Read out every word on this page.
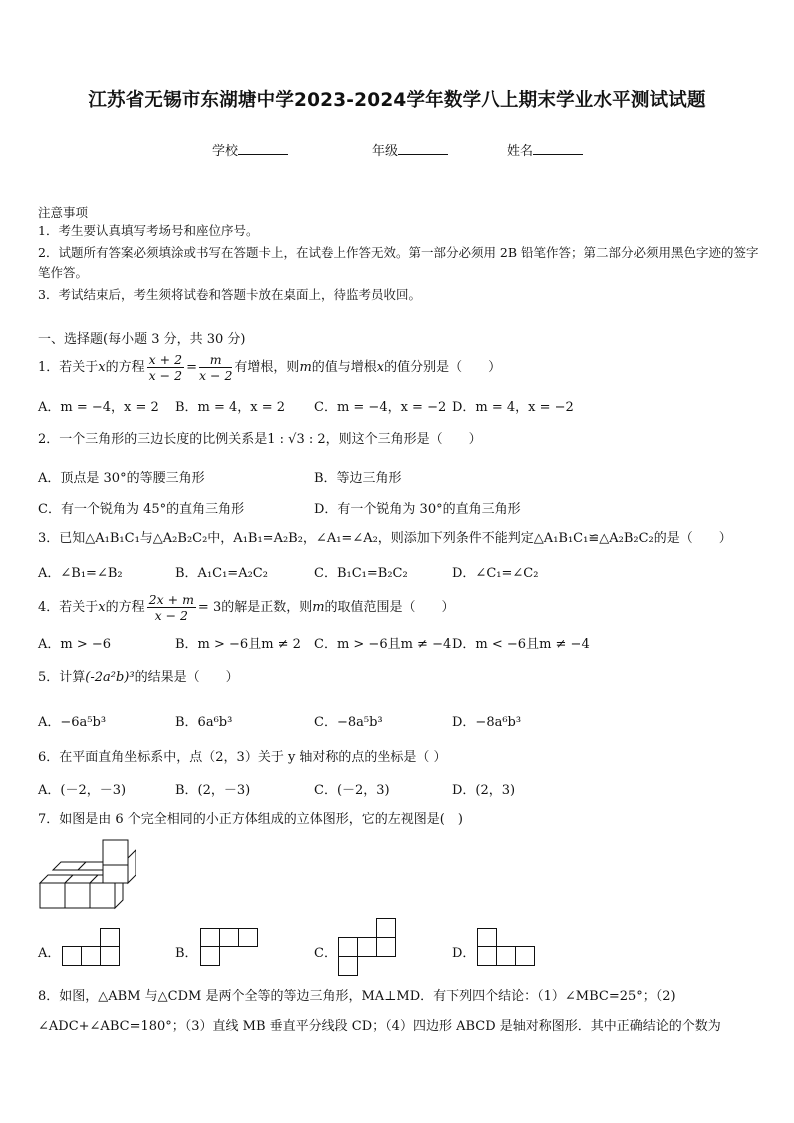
江苏省无锡市东湖塘中学2023-2024学年数学八上期末学业水平测试试题
学校	年级	姓名
注意事项
1．考生要认真填写考场号和座位序号。
2．试题所有答案必须填涂或书写在答题卡上，在试卷上作答无效。第一部分必须用 2B 铅笔作答；第二部分必须用黑色字迹的签字笔作答。
3．考试结束后，考生须将试卷和答题卡放在桌面上，待监考员收回。
一、选择题(每小题 3 分，共 30 分)
1．若关于x的方程 $\frac{x + 2}{x - 2} = \frac{m}{x - 2}$ 有增根，则m的值与增根x的值分别是（　　）
A．m = −4，x = 2 B．m = 4，x = 2 C．m = −4，x = −2 D．m = 4，x = −2
2．一个三角形的三边长度的比例关系是1 : √3 : 2，则这个三角形是（　　）
A．顶点是 30°的等腰三角形	B．等边三角形
C．有一个锐角为 45°的直角三角形	D．有一个锐角为 30°的直角三角形
3．已知△A₁B₁C₁与△A₂B₂C₂中，A₁B₁=A₂B₂，∠A₁=∠A₂，则添加下列条件不能判定△A₁B₁C₁≌△A₂B₂C₂的是（　　）
A．∠B₁=∠B₂	B．A₁C₁=A₂C₂	C．B₁C₁=B₂C₂	D．∠C₁=∠C₂
4．若关于x的方程 $\frac{2x + m}{x - 2} = 3$的解是正数，则m的取值范围是（　　）
A．m > −6	B．m > −6且m ≠ 2 C．m > −6且m ≠ −4 D．m < −6且m ≠ −4
5．计算(-2a²b)³的结果是（　　）
A．−6a⁵b³	B．6a⁶b³	C．−8a⁵b³	D．−8a⁶b³
6．在平面直角坐标系中，点（2，3）关于 y 轴对称的点的坐标是（ ）
A．(－2，－3)	B．(2，－3)	C．(－2，3)	D．(2，3)
7．如图是由 6 个完全相同的小正方体组成的立体图形，它的左视图是(　)
A．	B．	C．	D．
8．如图，△ABM 与△CDM 是两个全等的等边三角形，MA⊥MD．有下列四个结论：（1）∠MBC=25°；（2)
∠ADC+∠ABC=180°；（3）直线 MB 垂直平分线段 CD；（4）四边形 ABCD 是轴对称图形．其中正确结论的个数为
